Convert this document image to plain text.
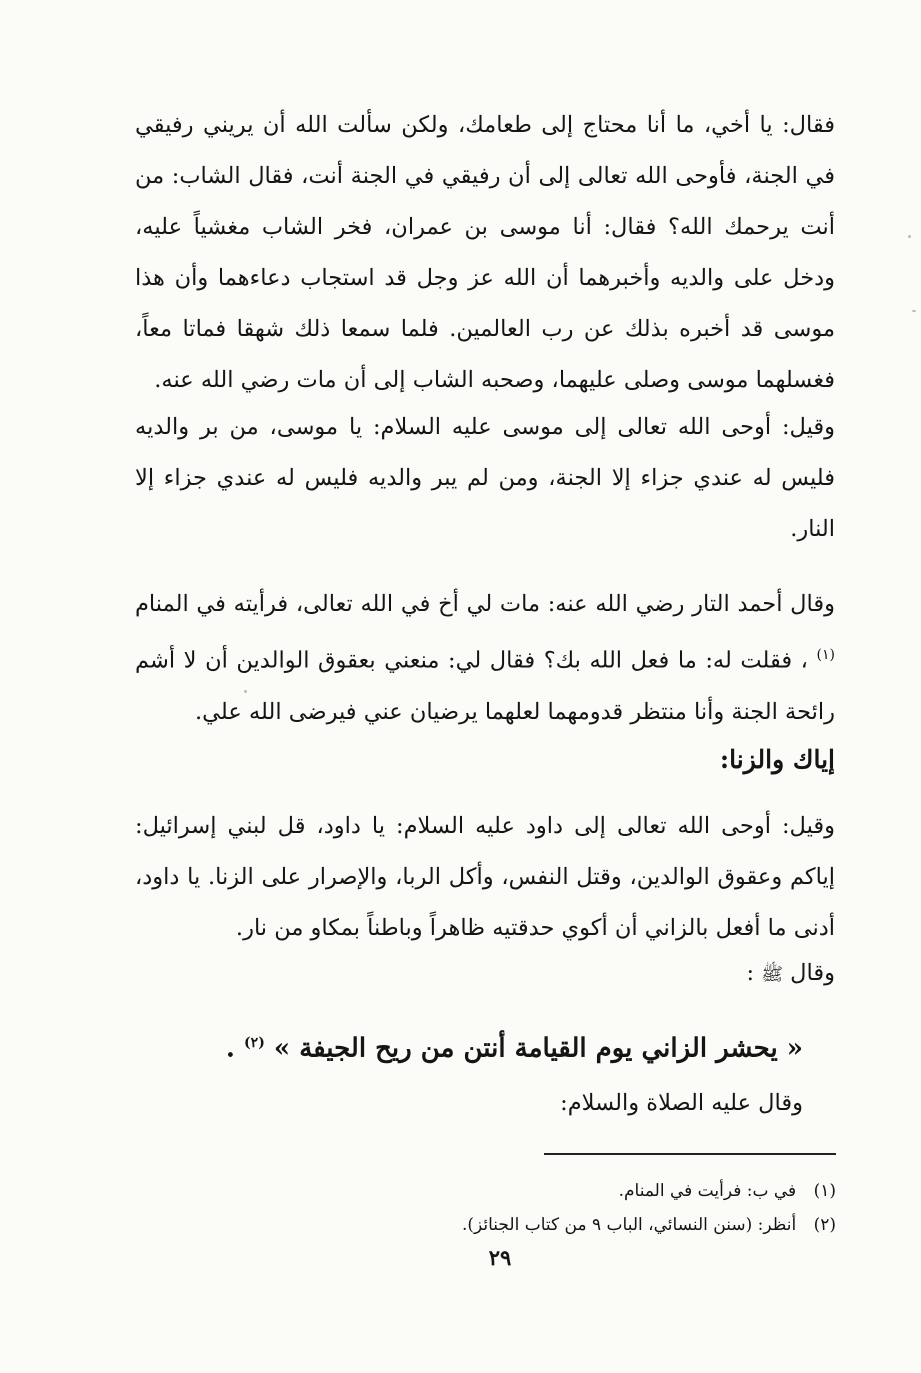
فقال: يا أخي، ما أنا محتاج إلى طعامك، ولكن سألت الله أن يريني رفيقي في الجنة، فأوحى الله تعالى إلى أن رفيقي في الجنة أنت، فقال الشاب: من أنت يرحمك الله؟ فقال: أنا موسى بن عمران، فخر الشاب مغشياً عليه، ودخل على والديه وأخبرهما أن الله عز وجل قد استجاب دعاءهما وأن هذا موسى قد أخبره بذلك عن رب العالمين. فلما سمعا ذلك شهقا فماتا معاً، فغسلهما موسى وصلى عليهما، وصحبه الشاب إلى أن مات رضي الله عنه.
وقيل: أوحى الله تعالى إلى موسى عليه السلام: يا موسى، من بر والديه فليس له عندي جزاء إلا الجنة، ومن لم يبر والديه فليس له عندي جزاء إلا النار.
وقال أحمد التار رضي الله عنه: مات لي أخ في الله تعالى، فرأيته في المنام $^{(١)}$ ، فقلت له: ما فعل الله بك؟ فقال لي: منعني بعقوق الوالدين أن لا أشم رائحة الجنة وأنا منتظر قدومهما لعلهما يرضيان عني فيرضى الله علي.
إياك والزنا:
وقيل: أوحى الله تعالى إلى داود عليه السلام: يا داود، قل لبني إسرائيل: إياكم وعقوق الوالدين، وقتل النفس، وأكل الربا، والإصرار على الزنا. يا داود، أدنى ما أفعل بالزاني أن أكوي حدقتيه ظاهراً وباطناً بمكاو من نار.
وقال ﷺ :
« يحشر الزاني يوم القيامة أنتن من ريح الجيفة » $^{(٢)}$ .
وقال عليه الصلاة والسلام:
(١) في ب: فرأيت في المنام.
(٢) أنظر: (سنن النسائي، الباب ٩ من كتاب الجنائز).
٢٩
